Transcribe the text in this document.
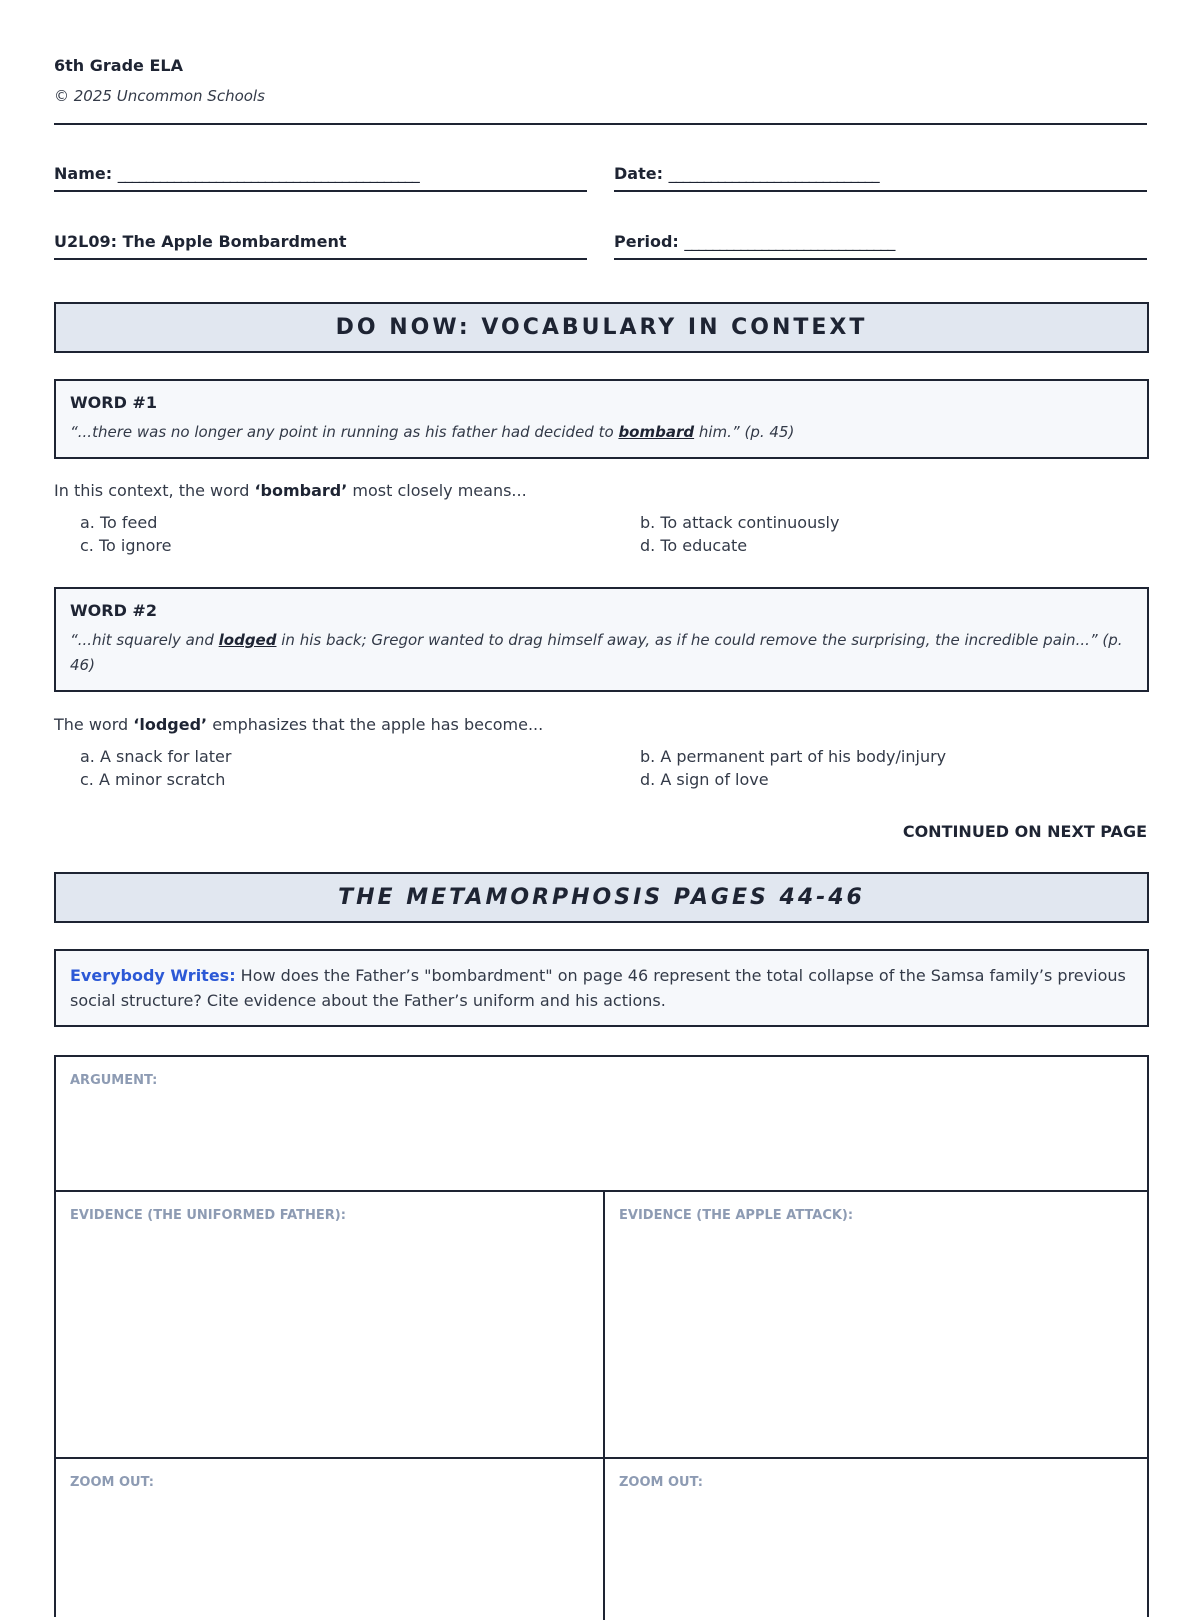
6th Grade ELA
© 2025 Uncommon Schools
Name: ___________________________________________	Date: ______________________________
U2L09: The Apple Bombardment	Period: ______________________________
DO NOW: VOCABULARY IN CONTEXT
WORD #1
“...there was no longer any point in running as his father had decided to bombard him.” (p. 45)
In this context, the word ‘bombard’ most closely means...
a. To feed	b. To attack continuously
c. To ignore	d. To educate
WORD #2
“...hit squarely and lodged in his back; Gregor wanted to drag himself away, as if he could remove the surprising, the incredible pain...” (p. 46)
The word ‘lodged’ emphasizes that the apple has become...
a. A snack for later	b. A permanent part of his body/injury
c. A minor scratch	d. A sign of love
CONTINUED ON NEXT PAGE
THE METAMORPHOSIS PAGES 44-46
Everybody Writes: How does the Father’s "bombardment" on page 46 represent the total collapse of the Samsa family’s previous social structure? Cite evidence about the Father’s uniform and his actions.
ARGUMENT:
EVIDENCE (THE UNIFORMED FATHER):	EVIDENCE (THE APPLE ATTACK):
ZOOM OUT:	ZOOM OUT:
